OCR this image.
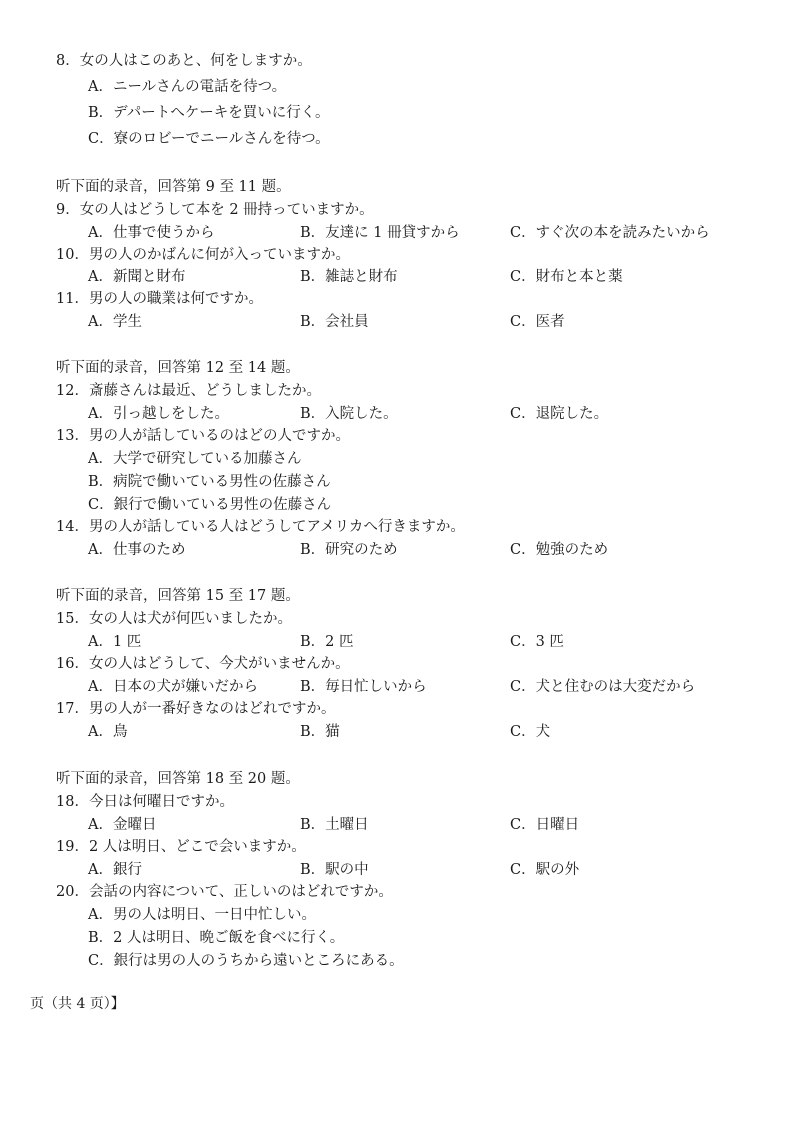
8．女の人はこのあと、何をしますか。
A．ニールさんの電話を待つ。
B．デパートへケーキを買いに行く。
C．寮のロビーでニールさんを待つ。
听下面的录音，回答第 9 至 11 题。
9．女の人はどうして本を 2 冊持っていますか。
A．仕事で使うから	B．友達に 1 冊貸すから	C．すぐ次の本を読みたいから
10．男の人のかばんに何が入っていますか。
A．新聞と財布	B．雑誌と財布	C．財布と本と薬
11．男の人の職業は何ですか。
A．学生	B．会社員	C．医者
听下面的录音，回答第 12 至 14 题。
12．斎藤さんは最近、どうしましたか。
A．引っ越しをした。	B．入院した。	C．退院した。
13．男の人が話しているのはどの人ですか。
A．大学で研究している加藤さん
B．病院で働いている男性の佐藤さん
C．銀行で働いている男性の佐藤さん
14．男の人が話している人はどうしてアメリカへ行きますか。
A．仕事のため	B．研究のため	C．勉強のため
听下面的录音，回答第 15 至 17 题。
15．女の人は犬が何匹いましたか。
A．1 匹	B．2 匹	C．3 匹
16．女の人はどうして、今犬がいませんか。
A．日本の犬が嫌いだから	B．毎日忙しいから	C．犬と住むのは大変だから
17．男の人が一番好きなのはどれですか。
A．鳥	B．猫	C．犬
听下面的录音，回答第 18 至 20 题。
18．今日は何曜日ですか。
A．金曜日	B．土曜日	C．日曜日
19．2 人は明日、どこで会いますか。
A．銀行	B．駅の中	C．駅の外
20．会話の内容について、正しいのはどれですか。
A．男の人は明日、一日中忙しい。
B．2 人は明日、晩ご飯を食べに行く。
C．銀行は男の人のうちから遠いところにある。
页（共 4 页）】
